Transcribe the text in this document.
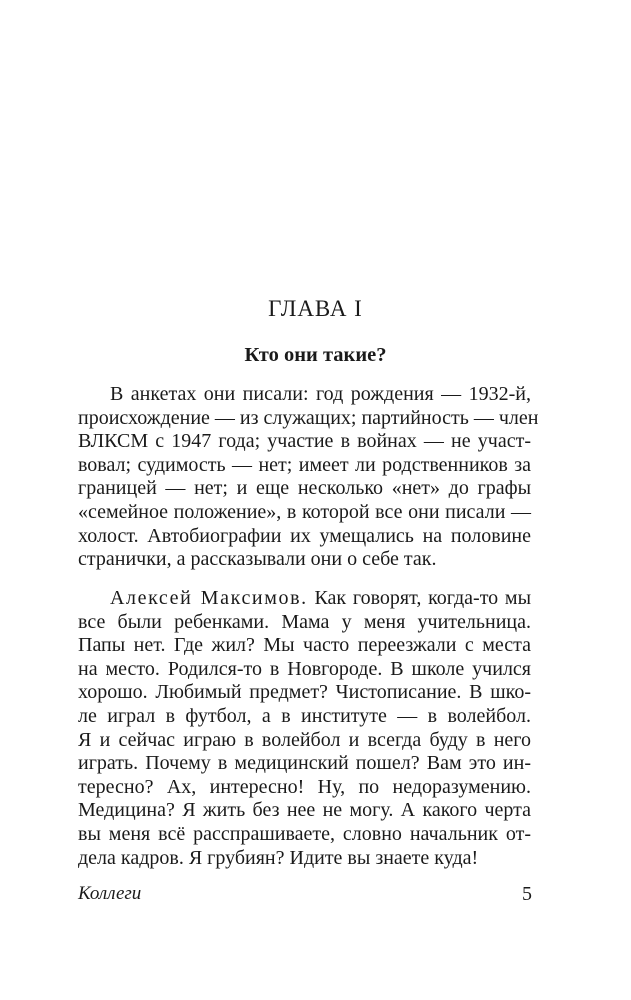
ГЛАВА I
Кто они такие?
В анкетах они писали: год рождения — 1932-й,
происхождение — из служащих; партийность — член
ВЛКСМ с 1947 года; участие в войнах — не участ-
вовал; судимость — нет; имеет ли родственников за
границей — нет; и еще несколько «нет» до графы
«семейное положение», в которой все они писали —
холост. Автобиографии их умещались на половине
странички, а рассказывали они о себе так.
Алексей Максимов. Как говорят, когда-то мы
все были ребенками. Мама у меня учительница.
Папы нет. Где жил? Мы часто переезжали с места
на место. Родился-то в Новгороде. В школе учился
хорошо. Любимый предмет? Чистописание. В шко-
ле играл в футбол, а в институте — в волейбол.
Я и сейчас играю в волейбол и всегда буду в него
играть. Почему в медицинский пошел? Вам это ин-
тересно? Ах, интересно! Ну, по недоразумению.
Медицина? Я жить без нее не могу. А какого черта
вы меня всё расспрашиваете, словно начальник от-
дела кадров. Я грубиян? Идите вы знаете куда!
Коллеги	5
